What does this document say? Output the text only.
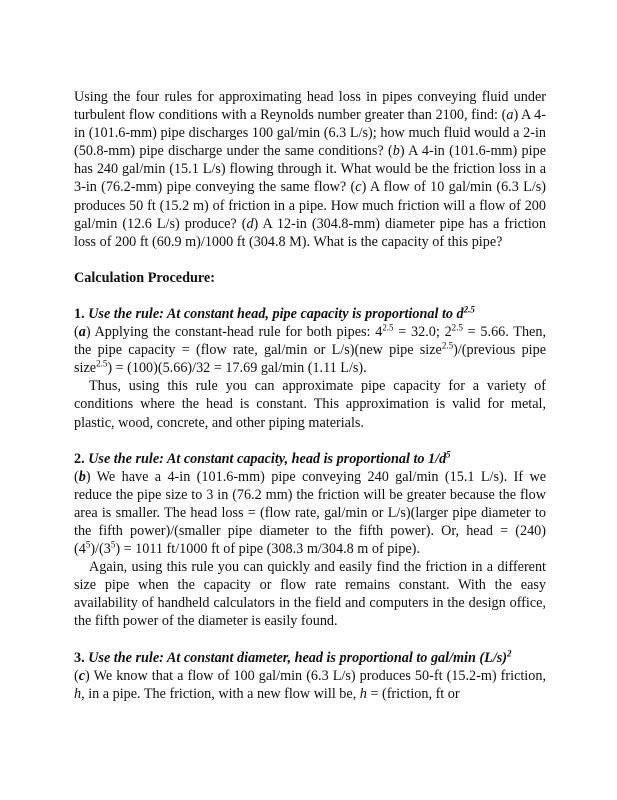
Using the four rules for approximating head loss in pipes conveying fluid under turbulent flow conditions with a Reynolds number greater than 2100, find: (a) A 4-in (101.6-mm) pipe discharges 100 gal/min (6.3 L/s); how much fluid would a 2-in (50.8-mm) pipe discharge under the same conditions? (b) A 4-in (101.6-mm) pipe has 240 gal/min (15.1 L/s) flowing through it. What would be the friction loss in a 3-in (76.2-mm) pipe conveying the same flow? (c) A flow of 10 gal/min (6.3 L/s) produces 50 ft (15.2 m) of friction in a pipe. How much friction will a flow of 200 gal/min (12.6 L/s) produce? (d) A 12-in (304.8-mm) diameter pipe has a friction loss of 200 ft (60.9 m)/1000 ft (304.8 M). What is the capacity of this pipe?

Calculation Procedure:

1. Use the rule: At constant head, pipe capacity is proportional to $d^{2.5}$

(a) Applying the constant-head rule for both pipes: $4^{2.5} = 32.0$; $2^{2.5} = 5.66$. Then, the pipe capacity = (flow rate, gal/min or L/s)(new pipe size$^{2.5}$)/(previous pipe size$^{2.5}$) = (100)(5.66)/32 = 17.69 gal/min (1.11 L/s).

Thus, using this rule you can approximate pipe capacity for a variety of conditions where the head is constant. This approximation is valid for metal, plastic, wood, concrete, and other piping materials.

2. Use the rule: At constant capacity, head is proportional to $1/d^5$

(b) We have a 4-in (101.6-mm) pipe conveying 240 gal/min (15.1 L/s). If we reduce the pipe size to 3 in (76.2 mm) the friction will be greater because the flow area is smaller. The head loss = (flow rate, gal/min or L/s)(larger pipe diameter to the fifth power)/(smaller pipe diameter to the fifth power). Or, head = $(240)(4^5)/(3^5) = 1011$ ft/1000 ft of pipe (308.3 m/304.8 m of pipe).

Again, using this rule you can quickly and easily find the friction in a different size pipe when the capacity or flow rate remains constant. With the easy availability of handheld calculators in the field and computers in the design office, the fifth power of the diameter is easily found.

3. Use the rule: At constant diameter, head is proportional to gal/min $(L/s)^2$

(c) We know that a flow of 100 gal/min (6.3 L/s) produces 50-ft (15.2-m) friction, h, in a pipe. The friction, with a new flow will be, h = (friction, ft or
